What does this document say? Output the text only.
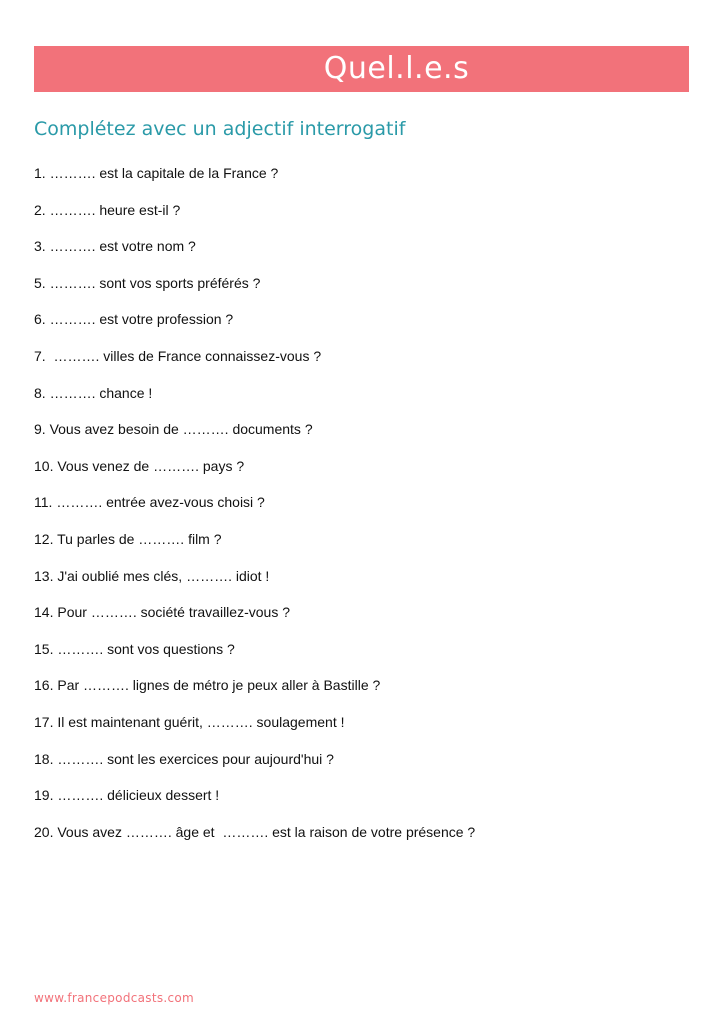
Quel.l.e.s
Complétez avec un adjectif interrogatif
1. ………. est la capitale de la France ?
2. ………. heure est-il ?
3. ………. est votre nom ?
5. ………. sont vos sports préférés ?
6. ………. est votre profession ?
7.  ………. villes de France connaissez-vous ?
8. ………. chance !
9. Vous avez besoin de ………. documents ?
10. Vous venez de ………. pays ?
11. ………. entrée avez-vous choisi ?
12. Tu parles de ………. film ?
13. J'ai oublié mes clés, ………. idiot !
14. Pour ………. société travaillez-vous ?
15. ………. sont vos questions ?
16. Par ………. lignes de métro je peux aller à Bastille ?
17. Il est maintenant guérit, ………. soulagement !
18. ………. sont les exercices pour aujourd'hui ?
19. ………. délicieux dessert !
20. Vous avez ………. âge et  ………. est la raison de votre présence ?
www.francepodcasts.com
